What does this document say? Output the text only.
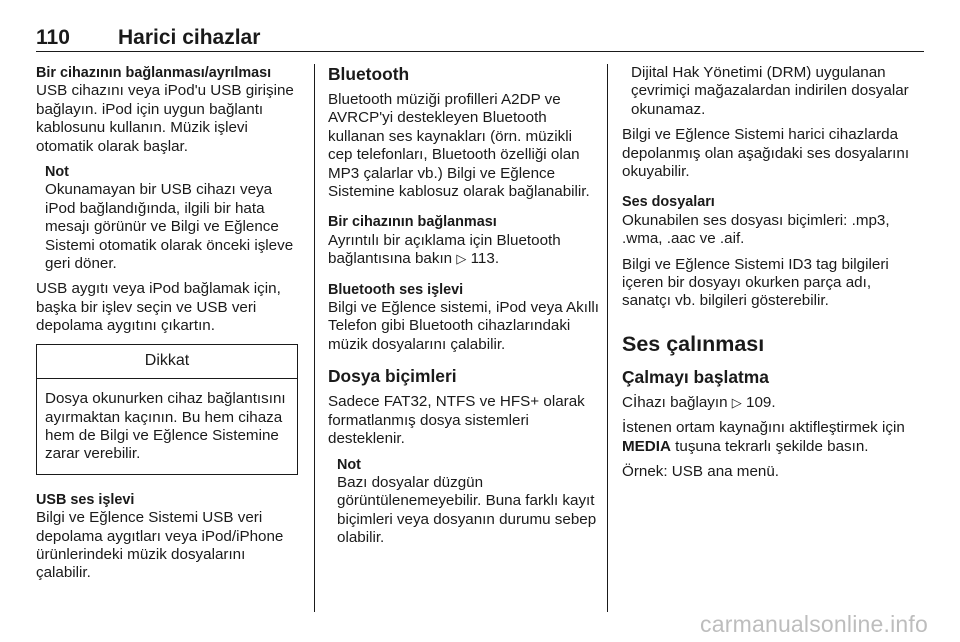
110 Harici cihazlar
Bir cihazının bağlanması/ayrılması
USB cihazını veya iPod'u USB girişine bağlayın. iPod için uygun bağlantı kablosunu kullanın. Müzik işlevi otomatik olarak başlar.
Not
Okunamayan bir USB cihazı veya iPod bağlandığında, ilgili bir hata mesajı görünür ve Bilgi ve Eğlence Sistemi otomatik olarak önceki işleve geri döner.
USB aygıtı veya iPod bağlamak için, başka bir işlev seçin ve USB veri depolama aygıtını çıkartın.
Dikkat
Dosya okunurken cihaz bağlantısını ayırmaktan kaçının. Bu hem cihaza hem de Bilgi ve Eğlence Sistemine zarar verebilir.
USB ses işlevi
Bilgi ve Eğlence Sistemi USB veri depolama aygıtları veya iPod/iPhone ürünlerindeki müzik dosyalarını çalabilir.
Bluetooth
Bluetooth müziği profilleri A2DP ve AVRCP'yi destekleyen Bluetooth kullanan ses kaynakları (örn. müzikli cep telefonları, Bluetooth özelliği olan MP3 çalarlar vb.) Bilgi ve Eğlence Sistemine kablosuz olarak bağlanabilir.
Bir cihazının bağlanması
Ayrıntılı bir açıklama için Bluetooth bağlantısına bakın ▷ 113.
Bluetooth ses işlevi
Bilgi ve Eğlence sistemi, iPod veya Akıllı Telefon gibi Bluetooth cihazlarındaki müzik dosyalarını çalabilir.
Dosya biçimleri
Sadece FAT32, NTFS ve HFS+ olarak formatlanmış dosya sistemleri desteklenir.
Not
Bazı dosyalar düzgün görüntülenemeyebilir. Buna farklı kayıt biçimleri veya dosyanın durumu sebep olabilir.
Dijital Hak Yönetimi (DRM) uygulanan çevrimiçi mağazalardan indirilen dosyalar okunamaz.
Bilgi ve Eğlence Sistemi harici cihazlarda depolanmış olan aşağıdaki ses dosyalarını okuyabilir.
Ses dosyaları
Okunabilen ses dosyası biçimleri: .mp3, .wma, .aac ve .aif.
Bilgi ve Eğlence Sistemi ID3 tag bilgileri içeren bir dosyayı okurken parça adı, sanatçı vb. bilgileri gösterebilir.
Ses çalınması
Çalmayı başlatma
Cİhazı bağlayın ▷ 109.
İstenen ortam kaynağını aktifleştirmek için MEDIA tuşuna tekrarlı şekilde basın.
Örnek: USB ana menü.
carmanualsonline.info
